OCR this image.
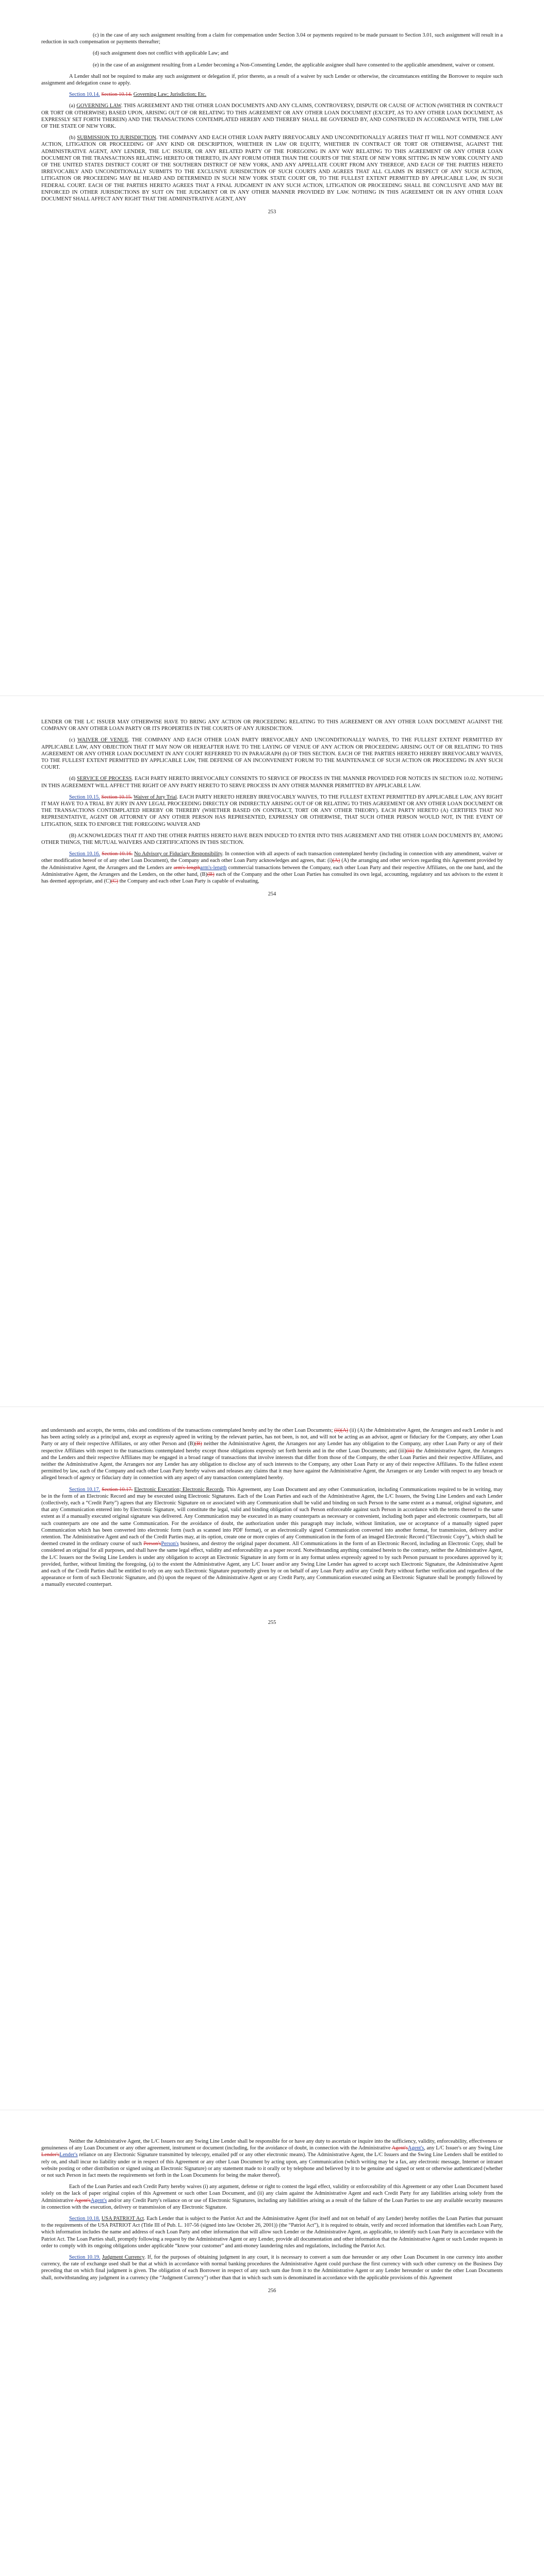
(c) in the case of any such assignment resulting from a claim for compensation under Section 3.04 or payments required to be made pursuant to Section 3.01, such assignment will result in a reduction in such compensation or payments thereafter;

(d) such assignment does not conflict with applicable Law; and

(e) in the case of an assignment resulting from a Lender becoming a Non-Consenting Lender, the applicable assignee shall have consented to the applicable amendment, waiver or consent.

A Lender shall not be required to make any such assignment or delegation if, prior thereto, as a result of a waiver by such Lender or otherwise, the circumstances entitling the Borrower to require such assignment and delegation cease to apply.

Section 10.14. Section 10.14. Governing Law; Jurisdiction; Etc.

(a) GOVERNING LAW. THIS AGREEMENT AND THE OTHER LOAN DOCUMENTS AND ANY CLAIMS, CONTROVERSY, DISPUTE OR CAUSE OF ACTION (WHETHER IN CONTRACT OR TORT OR OTHERWISE) BASED UPON, ARISING OUT OF OR RELATING TO THIS AGREEMENT OR ANY OTHER LOAN DOCUMENT (EXCEPT, AS TO ANY OTHER LOAN DOCUMENT, AS EXPRESSLY SET FORTH THEREIN) AND THE TRANSACTIONS CONTEMPLATED HEREBY AND THEREBY SHALL BE GOVERNED BY, AND CONSTRUED IN ACCORDANCE WITH, THE LAW OF THE STATE OF NEW YORK.

(b) SUBMISSION TO JURISDICTION. THE COMPANY AND EACH OTHER LOAN PARTY IRREVOCABLY AND UNCONDITIONALLY AGREES THAT IT WILL NOT COMMENCE ANY ACTION, LITIGATION OR PROCEEDING OF ANY KIND OR DESCRIPTION, WHETHER IN LAW OR EQUITY, WHETHER IN CONTRACT OR TORT OR OTHERWISE, AGAINST THE ADMINISTRATIVE AGENT, ANY LENDER, THE L/C ISSUER, OR ANY RELATED PARTY OF THE FOREGOING IN ANY WAY RELATING TO THIS AGREEMENT OR ANY OTHER LOAN DOCUMENT OR THE TRANSACTIONS RELATING HERETO OR THERETO, IN ANY FORUM OTHER THAN THE COURTS OF THE STATE OF NEW YORK SITTING IN NEW YORK COUNTY AND OF THE UNITED STATES DISTRICT COURT OF THE SOUTHERN DISTRICT OF NEW YORK, AND ANY APPELLATE COURT FROM ANY THEREOF, AND EACH OF THE PARTIES HERETO IRREVOCABLY AND UNCONDITIONALLY SUBMITS TO THE EXCLUSIVE JURISDICTION OF SUCH COURTS AND AGREES THAT ALL CLAIMS IN RESPECT OF ANY SUCH ACTION, LITIGATION OR PROCEEDING MAY BE HEARD AND DETERMINED IN SUCH NEW YORK STATE COURT OR, TO THE FULLEST EXTENT PERMITTED BY APPLICABLE LAW, IN SUCH FEDERAL COURT. EACH OF THE PARTIES HERETO AGREES THAT A FINAL JUDGMENT IN ANY SUCH ACTION, LITIGATION OR PROCEEDING SHALL BE CONCLUSIVE AND MAY BE ENFORCED IN OTHER JURISDICTIONS BY SUIT ON THE JUDGMENT OR IN ANY OTHER MANNER PROVIDED BY LAW. NOTHING IN THIS AGREEMENT OR IN ANY OTHER LOAN DOCUMENT SHALL AFFECT ANY RIGHT THAT THE ADMINISTRATIVE AGENT, ANY

253

LENDER OR THE L/C ISSUER MAY OTHERWISE HAVE TO BRING ANY ACTION OR PROCEEDING RELATING TO THIS AGREEMENT OR ANY OTHER LOAN DOCUMENT AGAINST THE COMPANY OR ANY OTHER LOAN PARTY OR ITS PROPERTIES IN THE COURTS OF ANY JURISDICTION.

(c) WAIVER OF VENUE. THE COMPANY AND EACH OTHER LOAN PARTY IRREVOCABLY AND UNCONDITIONALLY WAIVES, TO THE FULLEST EXTENT PERMITTED BY APPLICABLE LAW, ANY OBJECTION THAT IT MAY NOW OR HEREAFTER HAVE TO THE LAYING OF VENUE OF ANY ACTION OR PROCEEDING ARISING OUT OF OR RELATING TO THIS AGREEMENT OR ANY OTHER LOAN DOCUMENT IN ANY COURT REFERRED TO IN PARAGRAPH (b) OF THIS SECTION. EACH OF THE PARTIES HERETO HEREBY IRREVOCABLY WAIVES, TO THE FULLEST EXTENT PERMITTED BY APPLICABLE LAW, THE DEFENSE OF AN INCONVENIENT FORUM TO THE MAINTENANCE OF SUCH ACTION OR PROCEEDING IN ANY SUCH COURT.

(d) SERVICE OF PROCESS. EACH PARTY HERETO IRREVOCABLY CONSENTS TO SERVICE OF PROCESS IN THE MANNER PROVIDED FOR NOTICES IN SECTION 10.02. NOTHING IN THIS AGREEMENT WILL AFFECT THE RIGHT OF ANY PARTY HERETO TO SERVE PROCESS IN ANY OTHER MANNER PERMITTED BY APPLICABLE LAW.

Section 10.15. Section 10.15. Waiver of Jury Trial. EACH PARTY HERETO HEREBY IRREVOCABLY WAIVES, TO THE FULLEST EXTENT PERMITTED BY APPLICABLE LAW, ANY RIGHT IT MAY HAVE TO A TRIAL BY JURY IN ANY LEGAL PROCEEDING DIRECTLY OR INDIRECTLY ARISING OUT OF OR RELATING TO THIS AGREEMENT OR ANY OTHER LOAN DOCUMENT OR THE TRANSACTIONS CONTEMPLATED HEREBY OR THEREBY (WHETHER BASED ON CONTRACT, TORT OR ANY OTHER THEORY). EACH PARTY HERETO (A) CERTIFIES THAT NO REPRESENTATIVE, AGENT OR ATTORNEY OF ANY OTHER PERSON HAS REPRESENTED, EXPRESSLY OR OTHERWISE, THAT SUCH OTHER PERSON WOULD NOT, IN THE EVENT OF LITIGATION, SEEK TO ENFORCE THE FOREGOING WAIVER AND

(B) ACKNOWLEDGES THAT IT AND THE OTHER PARTIES HERETO HAVE BEEN INDUCED TO ENTER INTO THIS AGREEMENT AND THE OTHER LOAN DOCUMENTS BY, AMONG OTHER THINGS, THE MUTUAL WAIVERS AND CERTIFICATIONS IN THIS SECTION.

Section 10.16. Section 10.16. No Advisory or Fiduciary Responsibility. In connection with all aspects of each transaction contemplated hereby (including in connection with any amendment, waiver or other modification hereof or of any other Loan Document), the Company and each other Loan Party acknowledges and agrees, that: (i)(A) (A) the arranging and other services regarding this Agreement provided by the Administrative Agent, the Arrangers and the Lenders are arm's-lengtharm's-length commercial transactions between the Company, each other Loan Party and their respective Affiliates, on the one hand, and the Administrative Agent, the Arrangers and the Lenders, on the other hand, (B)(B) each of the Company and the other Loan Parties has consulted its own legal, accounting, regulatory and tax advisors to the extent it has deemed appropriate, and (C)(C) the Company and each other Loan Party is capable of evaluating,

254

and understands and accepts, the terms, risks and conditions of the transactions contemplated hereby and by the other Loan Documents; (ii)(A) (ii) (A) the Administrative Agent, the Arrangers and each Lender is and has been acting solely as a principal and, except as expressly agreed in writing by the relevant parties, has not been, is not, and will not be acting as an advisor, agent or fiduciary for the Company, any other Loan Party or any of their respective Affiliates, or any other Person and (B)(B) neither the Administrative Agent, the Arrangers nor any Lender has any obligation to the Company, any other Loan Party or any of their respective Affiliates with respect to the transactions contemplated hereby except those obligations expressly set forth herein and in the other Loan Documents; and (iii)(iii) the Administrative Agent, the Arrangers and the Lenders and their respective Affiliates may be engaged in a broad range of transactions that involve interests that differ from those of the Company, the other Loan Parties and their respective Affiliates, and neither the Administrative Agent, the Arrangers nor any Lender has any obligation to disclose any of such interests to the Company, any other Loan Party or any of their respective Affiliates. To the fullest extent permitted by law, each of the Company and each other Loan Party hereby waives and releases any claims that it may have against the Administrative Agent, the Arrangers or any Lender with respect to any breach or alleged breach of agency or fiduciary duty in connection with any aspect of any transaction contemplated hereby.

Section 10.17. Section 10.17. Electronic Execution; Electronic Records. This Agreement, any Loan Document and any other Communication, including Communications required to be in writing, may be in the form of an Electronic Record and may be executed using Electronic Signatures. Each of the Loan Parties and each of the Administrative Agent, the L/C Issuers, the Swing Line Lenders and each Lender (collectively, each a “Credit Party”) agrees that any Electronic Signature on or associated with any Communication shall be valid and binding on such Person to the same extent as a manual, original signature, and that any Communication entered into by Electronic Signature, will constitute the legal, valid and binding obligation of such Person enforceable against such Person in accordance with the terms thereof to the same extent as if a manually executed original signature was delivered. Any Communication may be executed in as many counterparts as necessary or convenient, including both paper and electronic counterparts, but all such counterparts are one and the same Communication. For the avoidance of doubt, the authorization under this paragraph may include, without limitation, use or acceptance of a manually signed paper Communication which has been converted into electronic form (such as scanned into PDF format), or an electronically signed Communication converted into another format, for transmission, delivery and/or retention. The Administrative Agent and each of the Credit Parties may, at its option, create one or more copies of any Communication in the form of an imaged Electronic Record (“Electronic Copy”), which shall be deemed created in the ordinary course of such Person'sPerson's business, and destroy the original paper document. All Communications in the form of an Electronic Record, including an Electronic Copy, shall be considered an original for all purposes, and shall have the same legal effect, validity and enforceability as a paper record. Notwithstanding anything contained herein to the contrary, neither the Administrative Agent, the L/C Issuers nor the Swing Line Lenders is under any obligation to accept an Electronic Signature in any form or in any format unless expressly agreed to by such Person pursuant to procedures approved by it; provided, further, without limiting the foregoing, (a) to the extent the Administrative Agent, any L/C Issuer and/or any Swing Line Lender has agreed to accept such Electronic Signature, the Administrative Agent and each of the Credit Parties shall be entitled to rely on any such Electronic Signature purportedly given by or on behalf of any Loan Party and/or any Credit Party without further verification and regardless of the appearance or form of such Electronic Signature, and (b) upon the request of the Administrative Agent or any Credit Party, any Communication executed using an Electronic Signature shall be promptly followed by a manually executed counterpart.

255

Neither the Administrative Agent, the L/C Issuers nor any Swing Line Lender shall be responsible for or have any duty to ascertain or inquire into the sufficiency, validity, enforceability, effectiveness or genuineness of any Loan Document or any other agreement, instrument or document (including, for the avoidance of doubt, in connection with the Administrative Agent'sAgent's, any L/C Issuer's or any Swing Line Lender'sLender's reliance on any Electronic Signature transmitted by telecopy, emailed pdf or any other electronic means). The Administrative Agent, the L/C Issuers and the Swing Line Lenders shall be entitled to rely on, and shall incur no liability under or in respect of this Agreement or any other Loan Document by acting upon, any Communication (which writing may be a fax, any electronic message, Internet or intranet website posting or other distribution or signed using an Electronic Signature) or any statement made to it orally or by telephone and believed by it to be genuine and signed or sent or otherwise authenticated (whether or not such Person in fact meets the requirements set forth in the Loan Documents for being the maker thereof).

Each of the Loan Parties and each Credit Party hereby waives (i) any argument, defense or right to contest the legal effect, validity or enforceability of this Agreement or any other Loan Document based solely on the lack of paper original copies of this Agreement or such other Loan Document, and (ii) any claim against the Administrative Agent and each Credit Party for any liabilities arising solely from the Administrative Agent'sAgent's and/or any Credit Party's reliance on or use of Electronic Signatures, including any liabilities arising as a result of the failure of the Loan Parties to use any available security measures in connection with the execution, delivery or transmission of any Electronic Signature.

Section 10.18. USA PATRIOT Act. Each Lender that is subject to the Patriot Act and the Administrative Agent (for itself and not on behalf of any Lender) hereby notifies the Loan Parties that pursuant to the requirements of the USA PATRIOT Act (Title III of Pub. L. 107-56 (signed into law October 26, 2001)) (the “Patriot Act”), it is required to obtain, verify and record information that identifies each Loan Party, which information includes the name and address of each Loan Party and other information that will allow such Lender or the Administrative Agent, as applicable, to identify such Loan Party in accordance with the Patriot Act. The Loan Parties shall, promptly following a request by the Administrative Agent or any Lender, provide all documentation and other information that the Administrative Agent or such Lender requests in order to comply with its ongoing obligations under applicable “know your customer” and anti-money laundering rules and regulations, including the Patriot Act.

Section 10.19. Judgment Currency. If, for the purposes of obtaining judgment in any court, it is necessary to convert a sum due hereunder or any other Loan Document in one currency into another currency, the rate of exchange used shall be that at which in accordance with normal banking procedures the Administrative Agent could purchase the first currency with such other currency on the Business Day preceding that on which final judgment is given. The obligation of each Borrower in respect of any such sum due from it to the Administrative Agent or any Lender hereunder or under the other Loan Documents shall, notwithstanding any judgment in a currency (the “Judgment Currency”) other than that in which such sum is denominated in accordance with the applicable provisions of this Agreement

256
